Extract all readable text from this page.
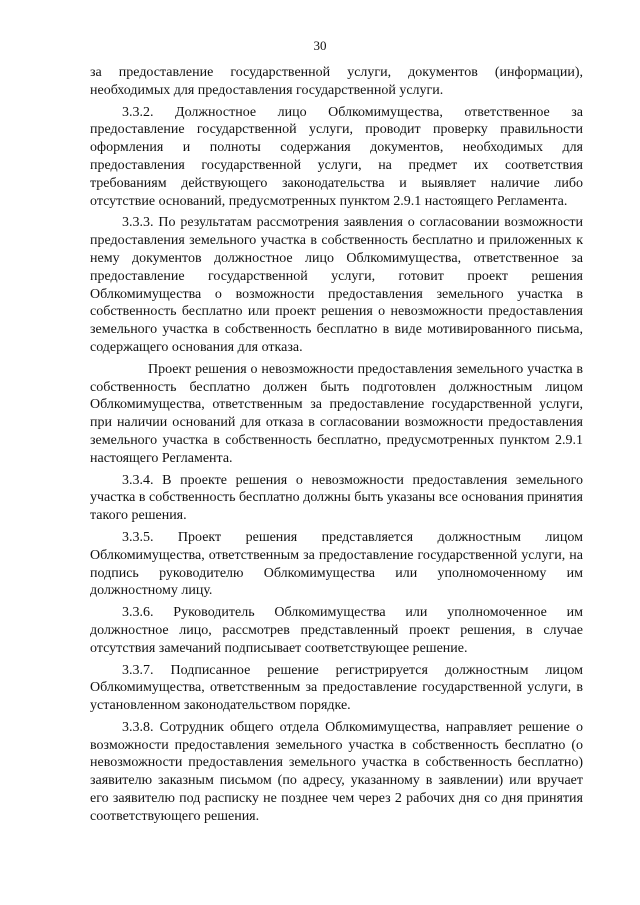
30

за предоставление государственной услуги, документов (информации), необходимых для предоставления государственной услуги.

3.3.2. Должностное лицо Облкомимущества, ответственное за предоставление государственной услуги, проводит проверку правильности оформления и полноты содержания документов, необходимых для предоставления государственной услуги, на предмет их соответствия требованиям действующего законодательства и выявляет наличие либо отсутствие оснований, предусмотренных пунктом 2.9.1 настоящего Регламента.

3.3.3. По результатам рассмотрения заявления о согласовании возможности предоставления земельного участка в собственность бесплатно и приложенных к нему документов должностное лицо Облкомимущества, ответственное за предоставление государственной услуги, готовит проект решения Облкомимущества о возможности предоставления земельного участка в собственность бесплатно или проект решения о невозможности предоставления земельного участка в собственность бесплатно в виде мотивированного письма, содержащего основания для отказа.

Проект решения о невозможности предоставления земельного участка в собственность бесплатно должен быть подготовлен должностным лицом Облкомимущества, ответственным за предоставление государственной услуги, при наличии оснований для отказа в согласовании возможности предоставления земельного участка в собственность бесплатно, предусмотренных пунктом 2.9.1 настоящего Регламента.

3.3.4. В проекте решения о невозможности предоставления земельного участка в собственность бесплатно должны быть указаны все основания принятия такого решения.

3.3.5. Проект решения представляется должностным лицом Облкомимущества, ответственным за предоставление государственной услуги, на подпись руководителю Облкомимущества или уполномоченному им должностному лицу.

3.3.6. Руководитель Облкомимущества или уполномоченное им должностное лицо, рассмотрев представленный проект решения, в случае отсутствия замечаний подписывает соответствующее решение.

3.3.7. Подписанное решение регистрируется должностным лицом Облкомимущества, ответственным за предоставление государственной услуги, в установленном законодательством порядке.

3.3.8. Сотрудник общего отдела Облкомимущества, направляет решение о возможности предоставления земельного участка в собственность бесплатно (о невозможности предоставления земельного участка в собственность бесплатно) заявителю заказным письмом (по адресу, указанному в заявлении) или вручает его заявителю под расписку не позднее чем через 2 рабочих дня со дня принятия соответствующего решения.
